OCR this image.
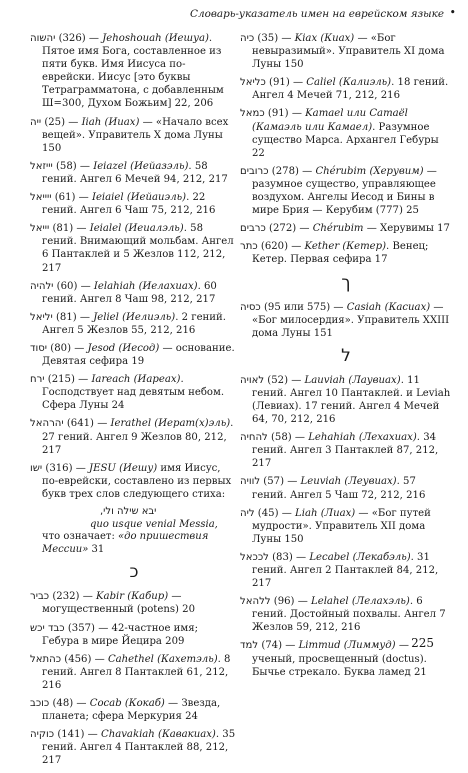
Словарь-указатель имен на еврейском языке •

יהשוה (326) — Jehoshouah (Иешуа). Пятое имя Бога, составленное из пяти букв. Имя Иисуса по-еврейски. Иисус [это буквы Тетраграмматона, с добавленным Ш=300, Духом Божьим] 22, 206

ייה (25) — Iiah (Ииах) — «Начало всех вещей». Управитель Х дома Луны 150

יייזאל (58) — Ieiazel (Иейазэль). 58 гений. Ангел 6 Мечей 94, 212, 217

ייייאל (61) — Ieiaiel (Иейаиэль). 22 гений. Ангел 6 Чаш 75, 212, 216

יייאל (81) — Ieialel (Иеиалэль). 58 гений. Внимающий мольбам. Ангел 6 Пантаклей и 5 Жезлов 112, 212, 217

ילהיה (60) — Ielahiah (Иелахиах). 60 гений. Ангел 8 Чаш 98, 212, 217

יליאל (81) — Jeliel (Иелиэль). 2 гений. Ангел 5 Жезлов 55, 212, 216

יסוד (80) — Jesod (Иесод) — основание. Девятая сефира 19

ירח (215) — Iareach (Иареах). Господствует над девятым небом. Сфера Луны 24

יהרהאל (641) — Ierathel (Иерат(х)эль). 27 гений. Ангел 9 Жезлов 80, 212, 217

ישו (316) — JESU (Иешу) имя Иисус, по-еврейски, составлено из первых букв трех слов следующего стиха:

יבא שילה ולי,
quo usque venial Messia,
что означает: «до пришествия Мессии» 31
כ

כביר (232) — Kabir (Кабир) — могущественный (potens) 20

כבד יכש (357) — 42-частное имя; Гебура в мире Йецира 209

כהתאל (456) — Cahethel (Кахетэль). 8 гений. Ангел 8 Пантаклей 61, 212, 216

כוכב (48) — Cocab (Кокаб) — Звезда, планета; сфера Меркурия 24

כוקיה (141) — Chavakiah (Кавакиах). 35 гений. Ангел 4 Пантаклей 88, 212, 217

כיה (35) — Kiax (Киах) — «Бог невыразимый». Управитель XI дома Луны 150

כליאל (91) — Caliel (Калиэль). 18 гений. Ангел 4 Мечей 71, 212, 216

כמאל (91) — Kamael или Camaël (Камаэль или Камаел). Разумное существо Марса. Архангел Гебуры 22

כרובים (278) — Chérubim (Херувим) — разумное существо, управляющее воздухом. Ангелы Иесод и Бины в мире Брия — Керубим (777) 25

כרבים (272) — Chérubim — Херувимы 17

כתר (620) — Kether (Кетер). Венец; Кетер. Первая сефира 17

ך

כסיה (95 или 575) — Casiah (Касиах) — «Бог милосердия». Управитель XXIII дома Луны 151

ל

לאויה (52) — Lauviah (Лаувиах). 11 гений. Ангел 10 Пантаклей. и Leviah (Левиах). 17 гений. Ангел 4 Мечей 64, 70, 212, 216

להחיה (58) — Lehahiah (Лехахиах). 34 гений. Ангел 3 Пантаклей 87, 212, 217

לוויה (57) — Leuviah (Леувиах). 57 гений. Ангел 5 Чаш 72, 212, 216

ליה (45) — Liah (Лиах) — «Бог путей мудрости». Управитель XII дома Луны 150

לככאל (83) — Lecabel (Лекабэль). 31 гений. Ангел 2 Пантаклей 84, 212, 217

ללהאל (96) — Lelahel (Лелахэль). 6 гений. Достойный похвалы. Ангел 7 Жезлов 59, 212, 216

למד (74) — Limmud (Лиммуд) — ученый, просвещенный (doctus). Бычье стрекало. Буква ламед 21

225
